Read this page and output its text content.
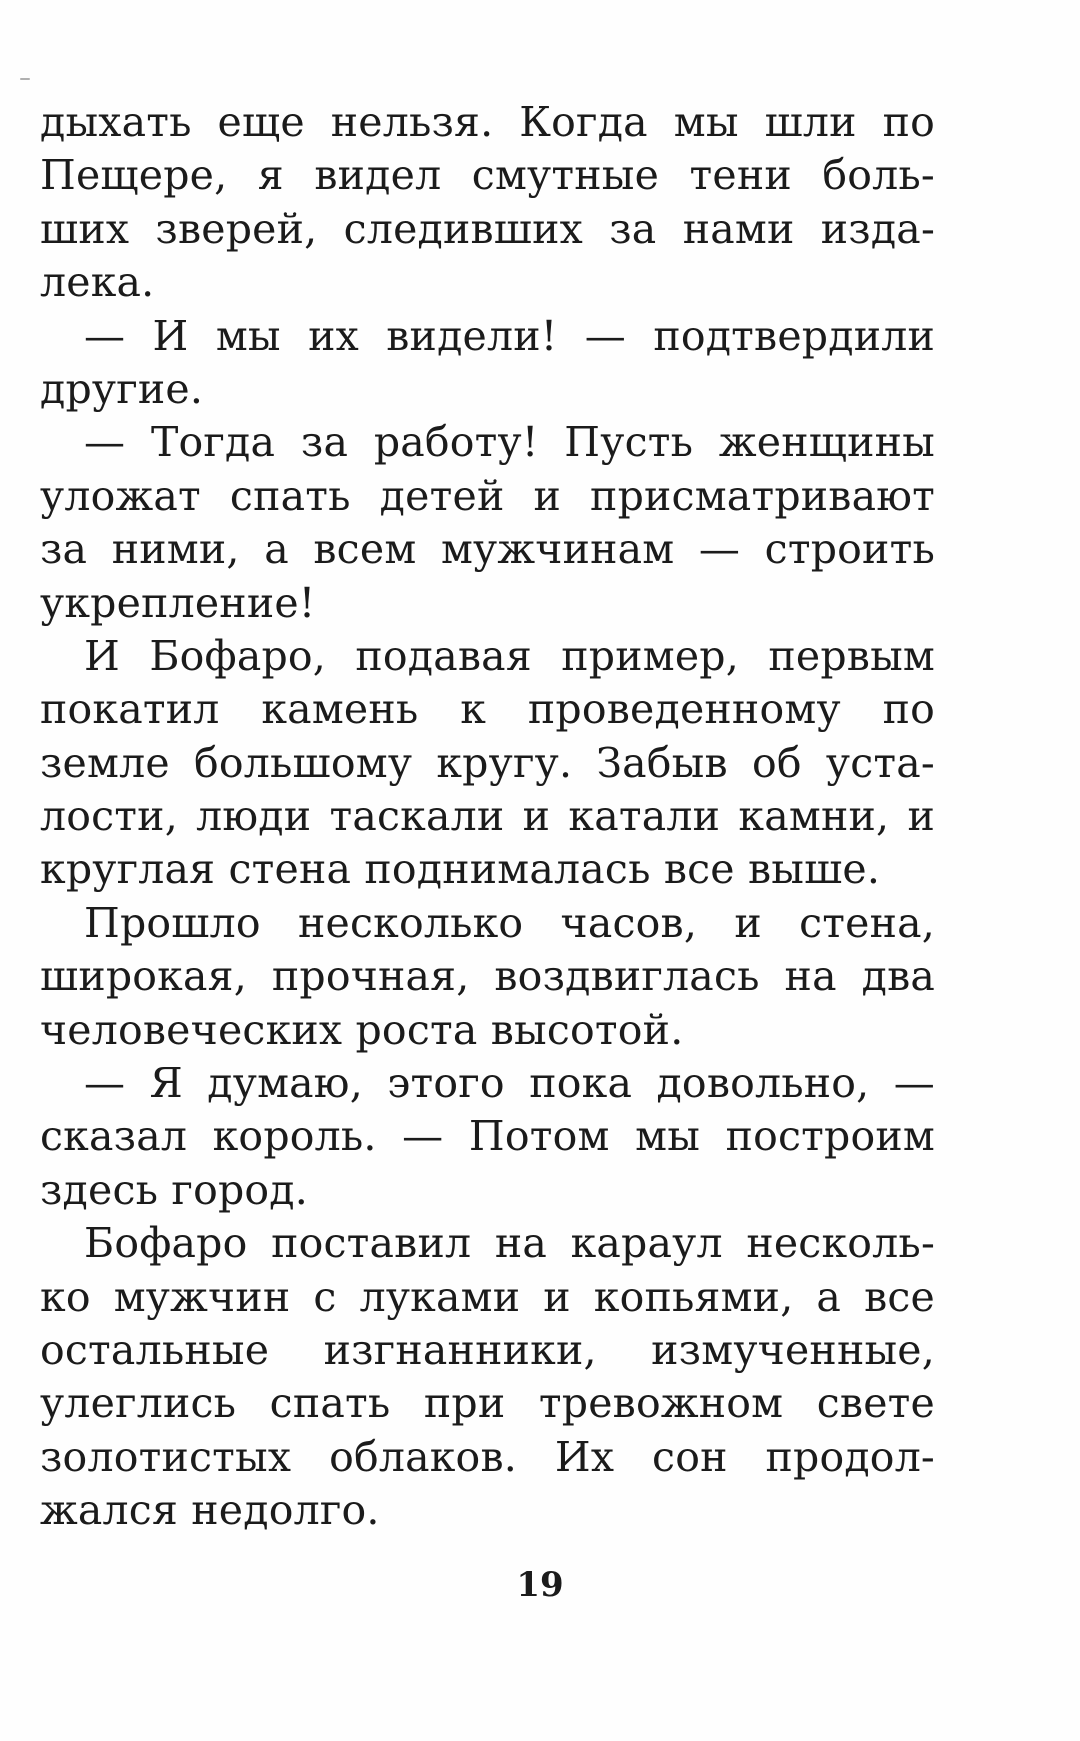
дыхать еще нельзя. Когда мы шли по
Пещере, я видел смутные тени боль-
ших зверей, следивших за нами изда-
лека.
— И мы их видели! — подтвердили
другие.
— Тогда за работу! Пусть женщины
уложат спать детей и присматривают
за ними, а всем мужчинам — строить
укрепление!
И Бофаро, подавая пример, первым
покатил камень к проведенному по
земле большому кругу. Забыв об уста-
лости, люди таскали и катали камни, и
круглая стена поднималась все выше.
Прошло несколько часов, и стена,
широкая, прочная, воздвиглась на два
человеческих роста высотой.
— Я думаю, этого пока довольно, —
сказал король. — Потом мы построим
здесь город.
Бофаро поставил на караул несколь-
ко мужчин с луками и копьями, а все
остальные изгнанники, измученные,
улеглись спать при тревожном свете
золотистых облаков. Их сон продол-
жался недолго.
19
